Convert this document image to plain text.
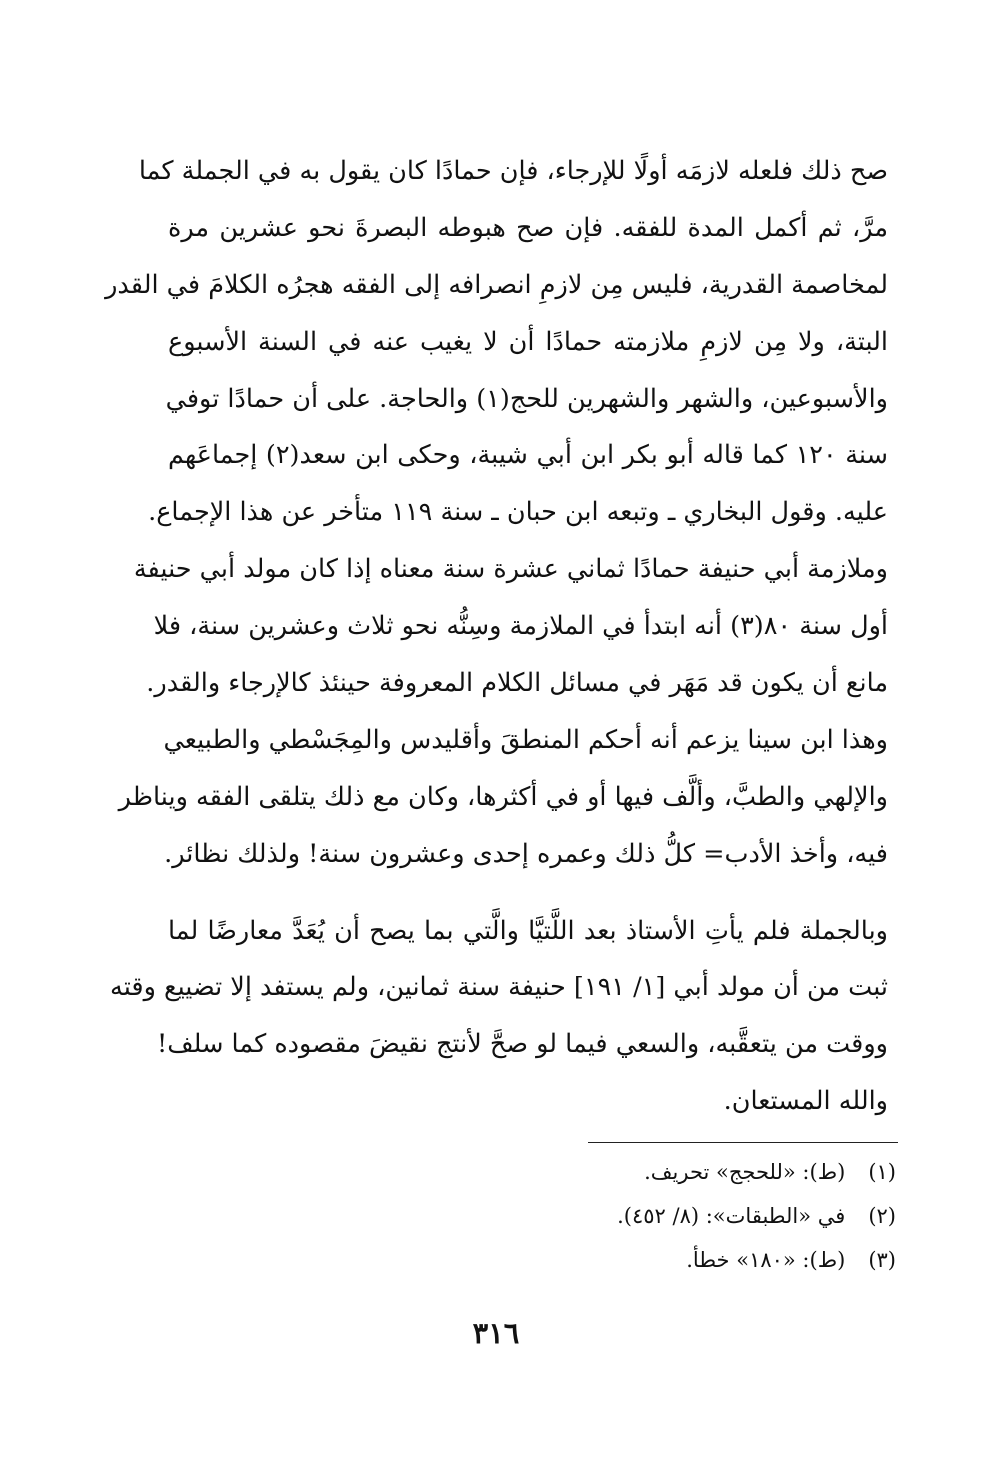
صح ذلك فلعله لازمَه أولًا للإرجاء، فإن حمادًا كان يقول به في الجملة كما
مرَّ، ثم أكمل المدة للفقه. فإن صح هبوطه البصرةَ نحو عشرين مرة
لمخاصمة القدرية، فليس مِن لازمِ انصرافه إلى الفقه هجرُه الكلامَ في القدر
البتة، ولا مِن لازمِ ملازمته حمادًا أن لا يغيب عنه في السنة الأسبوع
والأسبوعين، والشهر والشهرين للحج(١) والحاجة. على أن حمادًا توفي
سنة ١٢٠ كما قاله أبو بكر ابن أبي شيبة، وحكى ابن سعد(٢) إجماعَهم
عليه. وقول البخاري ـ وتبعه ابن حبان ـ سنة ١١٩ متأخر عن هذا الإجماع.
وملازمة أبي حنيفة حمادًا ثماني عشرة سنة معناه إذا كان مولد أبي حنيفة
أول سنة ٨٠(٣) أنه ابتدأ في الملازمة وسِنُّه نحو ثلاث وعشرين سنة، فلا
مانع أن يكون قد مَهَر في مسائل الكلام المعروفة حينئذ كالإرجاء والقدر.
وهذا ابن سينا يزعم أنه أحكم المنطقَ وأقليدس والمِجَسْطي والطبيعي
والإلهي والطبَّ، وألَّف فيها أو في أكثرها، وكان مع ذلك يتلقى الفقه ويناظر
فيه، وأخذ الأدب= كلُّ ذلك وعمره إحدى وعشرون سنة! ولذلك نظائر.
وبالجملة فلم يأتِ الأستاذ بعد اللَّتيَّا والَّتي بما يصح أن يُعَدَّ معارضًا لما
ثبت من أن مولد أبي [١/ ١٩١] حنيفة سنة ثمانين، ولم يستفد إلا تضييع وقته
ووقت من يتعقَّبه، والسعي فيما لو صحَّ لأنتج نقيضَ مقصوده كما سلف!
والله المستعان.
(١) (ط): «للحجج» تحريف.
(٢) في «الطبقات»: (٨/ ٤٥٢).
(٣) (ط): «١٨٠» خطأ.
٣١٦
